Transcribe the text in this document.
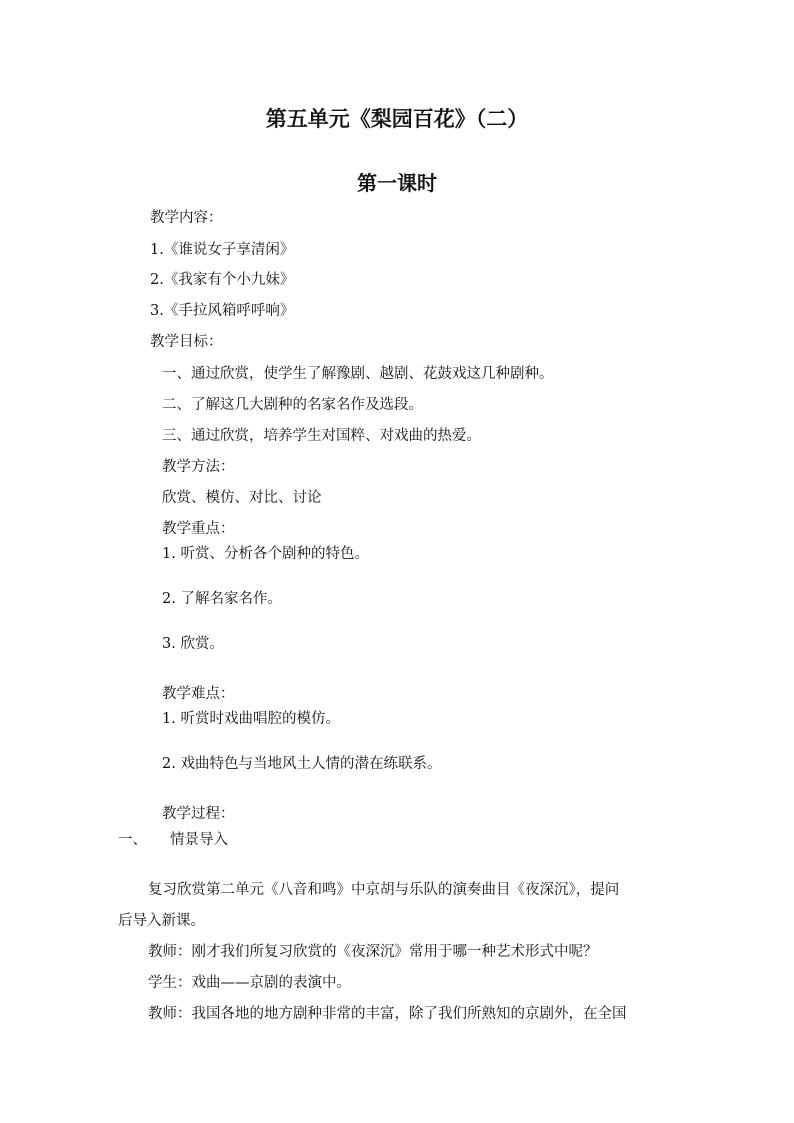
第五单元《梨园百花》（二）
第一课时
教学内容：
1.《谁说女子享清闲》
2.《我家有个小九妹》
3.《手拉风箱呼呼响》
教学目标：
一、通过欣赏，使学生了解豫剧、越剧、花鼓戏这几种剧种。
二、了解这几大剧种的名家名作及选段。
三、通过欣赏，培养学生对国粹、对戏曲的热爱。
教学方法：
欣赏、模仿、对比、讨论
教学重点：
1. 听赏、分析各个剧种的特色。
2. 了解名家名作。
3. 欣赏。
教学难点：
1. 听赏时戏曲唱腔的模仿。
2. 戏曲特色与当地风土人情的潜在练联系。
教学过程：
一、 情景导入
复习欣赏第二单元《八音和鸣》中京胡与乐队的演奏曲目《夜深沉》，提问
后导入新课。
教师：刚才我们所复习欣赏的《夜深沉》常用于哪一种艺术形式中呢？
学生：戏曲——京剧的表演中。
教师：我国各地的地方剧种非常的丰富，除了我们所熟知的京剧外，在全国
